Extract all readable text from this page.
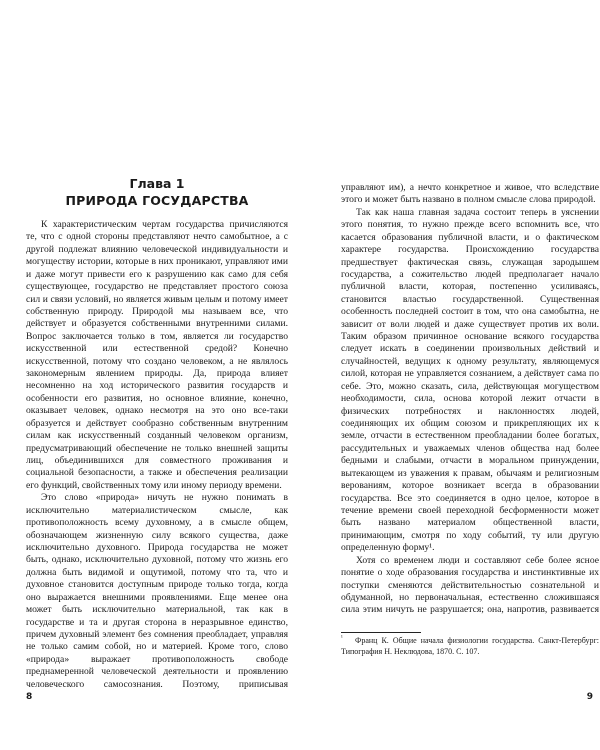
Глава 1
ПРИРОДА ГОСУДАРСТВА

К характеристическим чертам государства причисляются те, что с одной стороны представляют нечто самобытное, а с другой подлежат влиянию человеческой индивидуальности и могуществу истории, которые в них проникают, управляют ими и даже могут привести его к разрушению как само для себя существующее, государство не представляет простого союза сил и связи условий, но является живым целым и потому имеет собственную природу. Природой мы называем все, что действует и образуется собственными внутренними силами. Вопрос заключается только в том, является ли государство искусственной или естественной средой? Конечно искусственной, потому что создано человеком, а не являлось закономерным явлением природы. Да, природа влияет несомненно на ход исторического развития государств и особенности его развития, но основное влияние, конечно, оказывает человек, однако несмотря на это оно все-таки образуется и действует сообразно собственным внутренним силам как искусственный созданный человеком организм, предусматривающий обеспечение не только внешней защиты лиц, объединившихся для совместного проживания и социальной безопасности, а также и обеспечения реализации его функций, свойственных тому или иному периоду времени.

Это слово «природа» ничуть не нужно понимать в исключительно материалистическом смысле, как противоположность всему духовному, а в смысле общем, обозначающем жизненную силу всякого существа, даже исключительно духовного. Природа государства не может быть, однако, исключительно духовной, потому что жизнь его должна быть видимой и ощутимой, потому что та, что и духовное становится доступным природе только тогда, когда оно выражается внешними проявлениями. Еще менее она может быть исключительно материальной, так как в государстве и та и другая сторона в неразрывное единство, причем духовный элемент без сомнения преобладает, управляя не только самим собой, но и материей. Кроме того, слово «природа» выражает противоположность свободе преднамеренной человеческой деятельности и проявлению человеческого самосознания. Поэтому, приписывая

8

управляют им), а нечто конкретное и живое, что вследствие этого и может быть названо в полном смысле слова природой.

Так как наша главная задача состоит теперь в уяснении этого понятия, то нужно прежде всего вспомнить все, что касается образования публичной власти, и о фактическом характере государства. Происхождению государства предшествует фактическая связь, служащая зародышем государства, а сожительство людей предполагает начало публичной власти, которая, постепенно усиливаясь, становится властью государственной. Существенная особенность последней состоит в том, что она самобытна, не зависит от воли людей и даже существует против их воли. Таким образом причинное основание всякого государства следует искать в соединении произвольных действий и случайностей, ведущих к одному результату, являющемуся силой, которая не управляется сознанием, а действует сама по себе. Это, можно сказать, сила, действующая могуществом необходимости, сила, основа которой лежит отчасти в физических потребностях и наклонностях людей, соединяющих их общим союзом и прикрепляющих их к земле, отчасти в естественном преобладании более богатых, рассудительных и уважаемых членов общества над более бедными и слабыми, отчасти в моральном принуждении, вытекающем из уважения к правам, обычаям и религиозным верованиям, которое возникает всегда в образовании государства. Все это соединяется в одно целое, которое в течение времени своей переходной бесформенности может быть названо материалом общественной власти, принимающим, смотря по ходу событий, ту или другую определенную форму¹.

Хотя со временем люди и составляют себе более ясное понятие о ходе образования государства и инстинктивные их поступки сменяются действительностью сознательной и обдуманной, но первоначальная, естественно сложившаяся сила этим ничуть не разрушается; она, напротив, развивается

¹ Франц К. Общие начала физиологии государства. Санкт-Петербург: Типография Н. Неклюдова, 1870. С. 107.
9
